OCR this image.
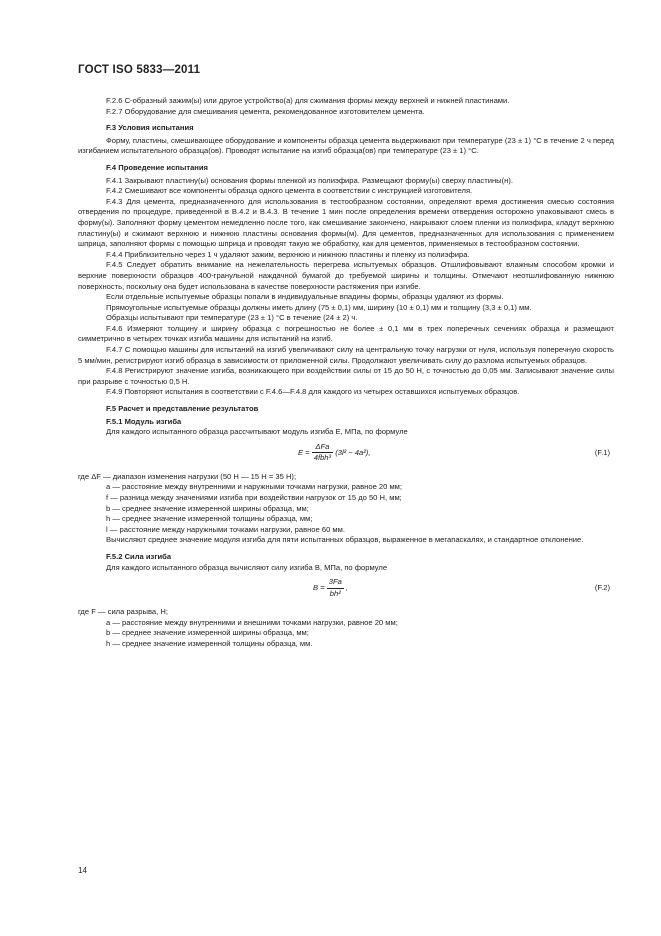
ГОСТ ISO 5833—2011

F.2.6 С-образный зажим(ы) или другое устройство(а) для сжимания формы между верхней и нижней пластинами.

F.2.7 Оборудование для смешивания цемента, рекомендованное изготовителем цемента.

F.3 Условия испытания

Форму, пластины, смешивающее оборудование и компоненты образца цемента выдерживают при температуре (23 ± 1) °С в течение 2 ч перед изгибанием испытательного образца(ов). Проводят испытание на изгиб образца(ов) при температуре (23 ± 1) °С.

F.4 Проведение испытания

F.4.1 Закрывают пластину(ы) основания формы пленкой из полиэфира. Размещают форму(ы) сверху пластины(н).

F.4.2 Смешивают все компоненты образца одного цемента в соответствии с инструкцией изготовителя.

F.4.3 Для цемента, предназначенного для использования в тестообразном состоянии, определяют время достижения смесью состояния отвердения по процедуре, приведенной в В.4.2 и В.4.3. В течение 1 мин после определения времени отвердения осторожно упаковывают смесь в форму(ы). Заполняют форму цементом немедленно после того, как смешивание закончено, накрывают слоем пленки из полиэфира, кладут верхнюю пластину(ы) и сжимают верхнюю и нижнюю пластины основания формы(м). Для цементов, предназначенных для использования с применением шприца, заполняют формы с помощью шприца и проводят такую же обработку, как для цементов, применяемых в тестообразном состоянии.

F.4.4 Приблизительно через 1 ч удаляют зажим, верхнюю и нижнюю пластины и пленку из полиэфира.

F.4.5 Следует обратить внимание на нежелательность перегрева испытуемых образцов. Отшлифовывают влажным способом кромки и верхние поверхности образцов 400-гранульной наждачной бумагой до требуемой ширины и толщины. Отмечают неотшлифованную нижнюю поверхность, поскольку она будет использована в качестве поверхности растяжения при изгибе.

Если отдельные испытуемые образцы попали в индивидуальные впадины формы, образцы удаляют из формы.

Прямоугольные испытуемые образцы должны иметь длину (75 ± 0,1) мм, ширину (10 ± 0,1) мм и толщину (3,3 ± 0,1) мм.

Образцы испытывают при температуре (23 ± 1) °С в течение (24 ± 2) ч.

F.4.6 Измеряют толщину и ширину образца с погрешностью не более ± 0,1 мм в трех поперечных сечениях образца и размещают симметрично в четырех точках изгиба машины для испытаний на изгиб.

F.4.7 С помощью машины для испытаний на изгиб увеличивают силу на центральную точку нагрузки от нуля, используя поперечную скорость 5 мм/мин, регистрируют изгиб образца в зависимости от приложенной силы. Продолжают увеличивать силу до разлома испытуемых образцов.

F.4.8 Регистрируют значение изгиба, возникающего при воздействии силы от 15 до 50 Н, с точностью до 0,05 мм. Записывают значение силы при разрыве с точностью 0,5 Н.

F.4.9 Повторяют испытания в соответствии с F.4.6—F.4.8 для каждого из четырех оставшихся испытуемых образцов.

F.5 Расчет и представление результатов

F.5.1 Модуль изгиба

Для каждого испытанного образца рассчитывают модуль изгиба E, МПа, по формуле

$E = \frac{\text{ΔFa}}{\text{4fbh³}} (3l^2 - 4a^2)$,	(F.1)

где ΔF — диапазон изменения нагрузки (50 Н — 15 Н = 35 Н);

a — расстояние между внутренними и наружными точками нагрузки, равное 20 мм;

f — разница между значениями изгиба при воздействии нагрузок от 15 до 50 Н, мм;

b — среднее значение измеренной ширины образца, мм;

h — среднее значение измеренной толщины образца, мм;

l — расстояние между наружными точками нагрузки, равное 60 мм.

Вычисляют среднее значение модуля изгиба для пяти испытанных образцов, выраженное в мегапаскалях, и стандартное отклонение.

F.5.2 Сила изгиба

Для каждого испытанного образца вычисляют силу изгиба B, МПа, по формуле

$B = \frac{3Fa}{\text{bh²}}$ ,	(F.2)

где F — сила разрыва, Н;

a — расстояние между внутренними и внешними точками нагрузки, равное 20 мм;

b — среднее значение измеренной ширины образца, мм;

h — среднее значение измеренной толщины образца, мм.

14
